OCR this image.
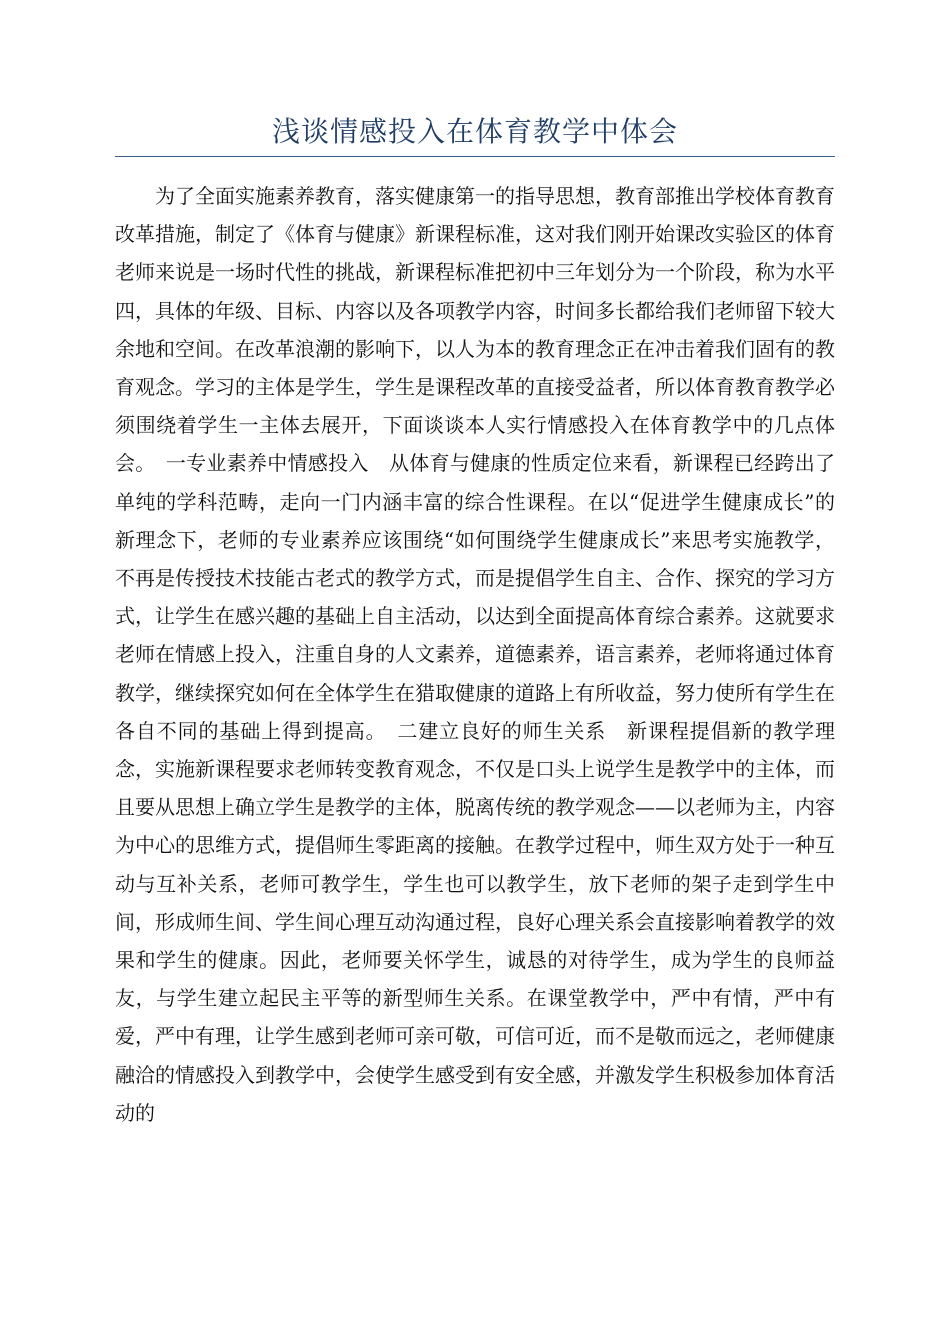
浅谈情感投入在体育教学中体会

为了全面实施素养教育，落实健康第一的指导思想，教育部推出学校体育教育改革措施，制定了《体育与健康》新课程标准，这对我们刚开始课改实验区的体育老师来说是一场时代性的挑战，新课程标准把初中三年划分为一个阶段，称为水平四，具体的年级、目标、内容以及各项教学内容，时间多长都给我们老师留下较大余地和空间。在改革浪潮的影响下，以人为本的教育理念正在冲击着我们固有的教育观念。学习的主体是学生，学生是课程改革的直接受益者，所以体育教育教学必须围绕着学生一主体去展开，下面谈谈本人实行情感投入在体育教学中的几点体会。　一专业素养中情感投入　从体育与健康的性质定位来看，新课程已经跨出了单纯的学科范畴，走向一门内涵丰富的综合性课程。在以“促进学生健康成长”的新理念下，老师的专业素养应该围绕“如何围绕学生健康成长”来思考实施教学，不再是传授技术技能古老式的教学方式，而是提倡学生自主、合作、探究的学习方式，让学生在感兴趣的基础上自主活动，以达到全面提高体育综合素养。这就要求老师在情感上投入，注重自身的人文素养，道德素养，语言素养，老师将通过体育教学，继续探究如何在全体学生在猎取健康的道路上有所收益，努力使所有学生在各自不同的基础上得到提高。　二建立良好的师生关系　新课程提倡新的教学理念，实施新课程要求老师转变教育观念，不仅是口头上说学生是教学中的主体，而且要从思想上确立学生是教学的主体，脱离传统的教学观念——以老师为主，内容为中心的思维方式，提倡师生零距离的接触。在教学过程中，师生双方处于一种互动与互补关系，老师可教学生，学生也可以教学生，放下老师的架子走到学生中间，形成师生间、学生间心理互动沟通过程，良好心理关系会直接影响着教学的效果和学生的健康。因此，老师要关怀学生，诚恳的对待学生，成为学生的良师益友，与学生建立起民主平等的新型师生关系。在课堂教学中，严中有情，严中有爱，严中有理，让学生感到老师可亲可敬，可信可近，而不是敬而远之，老师健康融洽的情感投入到教学中，会使学生感受到有安全感，并激发学生积极参加体育活动的
